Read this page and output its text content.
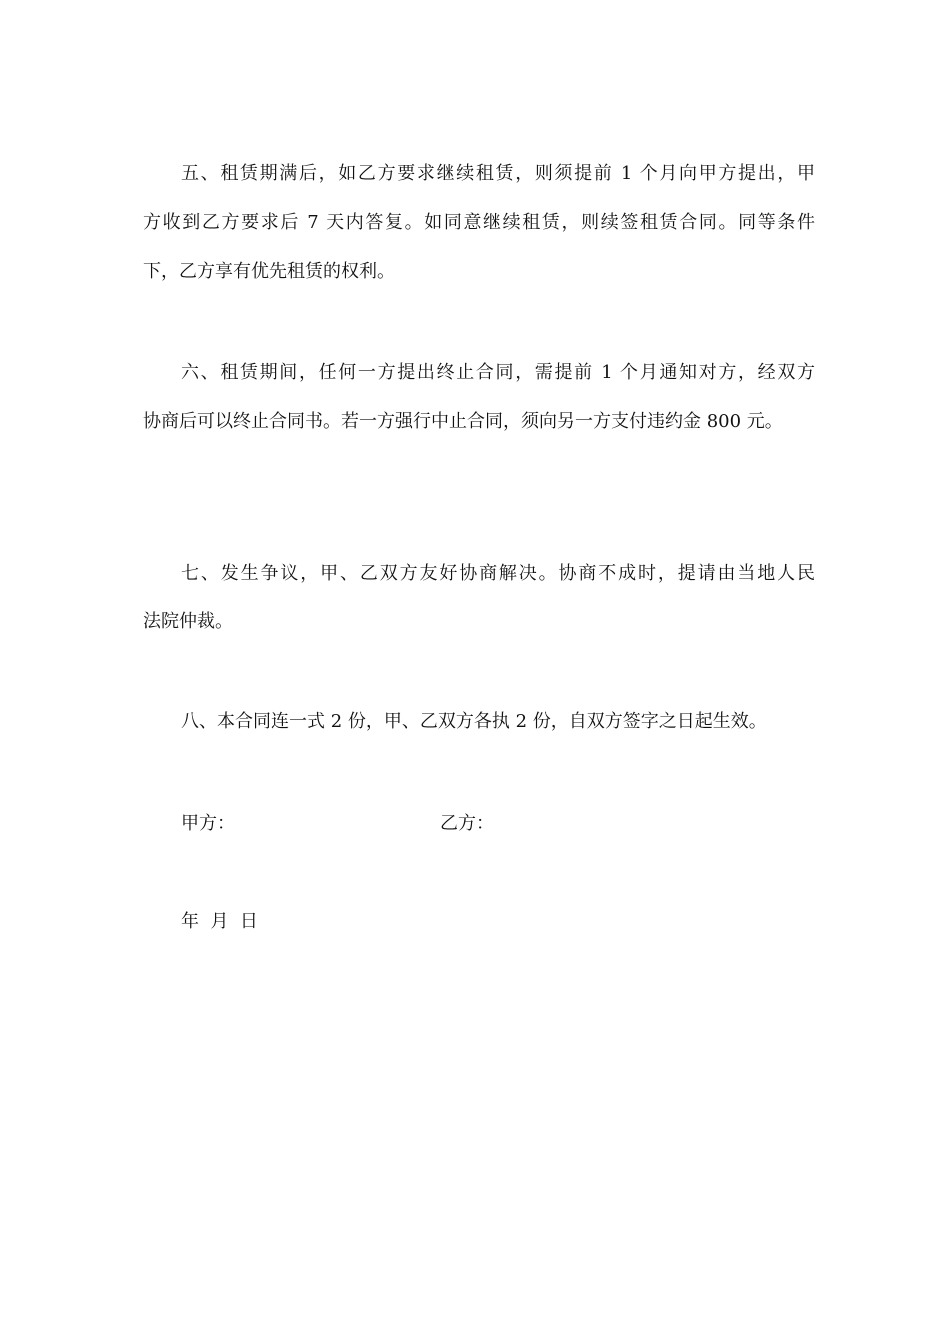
五、租赁期满后，如乙方要求继续租赁，则须提前 1 个月向甲方提出，甲
方收到乙方要求后 7 天内答复。如同意继续租赁，则续签租赁合同。同等条件
下，乙方享有优先租赁的权利。
六、租赁期间，任何一方提出终止合同，需提前 1 个月通知对方，经双方
协商后可以终止合同书。若一方强行中止合同，须向另一方支付违约金 800 元。
七、发生争议，甲、乙双方友好协商解决。协商不成时，提请由当地人民
法院仲裁。
八、本合同连一式 2 份，甲、乙双方各执 2 份，自双方签字之日起生效。
甲方：	乙方：
年  月  日
